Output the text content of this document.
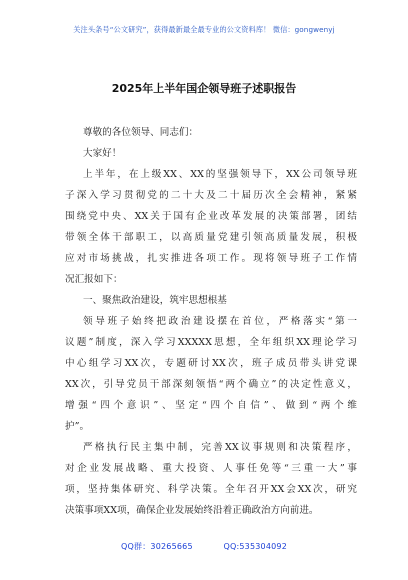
关注头条号“公文研究”，获得最新最全最专业的公文资料库！ 微信：gongwenyj
2025年上半年国企领导班子述职报告
尊敬的各位领导、同志们：
大家好！
上半年，在上级XX、XX的坚强领导下，XX公司领导班
子深入学习贯彻党的二十大及二十届历次全会精神，紧紧
围绕党中央、XX关于国有企业改革发展的决策部署，团结
带领全体干部职工，以高质量党建引领高质量发展，积极
应对市场挑战，扎实推进各项工作。现将领导班子工作情
况汇报如下：
一、聚焦政治建设，筑牢思想根基
领导班子始终把政治建设摆在首位，严格落实“第一
议题”制度，深入学习XXXXX思想，全年组织XX理论学习
中心组学习XX次，专题研讨XX次，班子成员带头讲党课
XX次，引导党员干部深刻领悟“两个确立”的决定性意义，
增强“四个意识”、坚定“四个自信”、做到“两个维
护”。
严格执行民主集中制，完善XX议事规则和决策程序，
对企业发展战略、重大投资、人事任免等“三重一大”事
项，坚持集体研究、科学决策。全年召开XX会XX次，研究
决策事项XX项，确保企业发展始终沿着正确政治方向前进。
QQ群：30265665	QQ:535304092
